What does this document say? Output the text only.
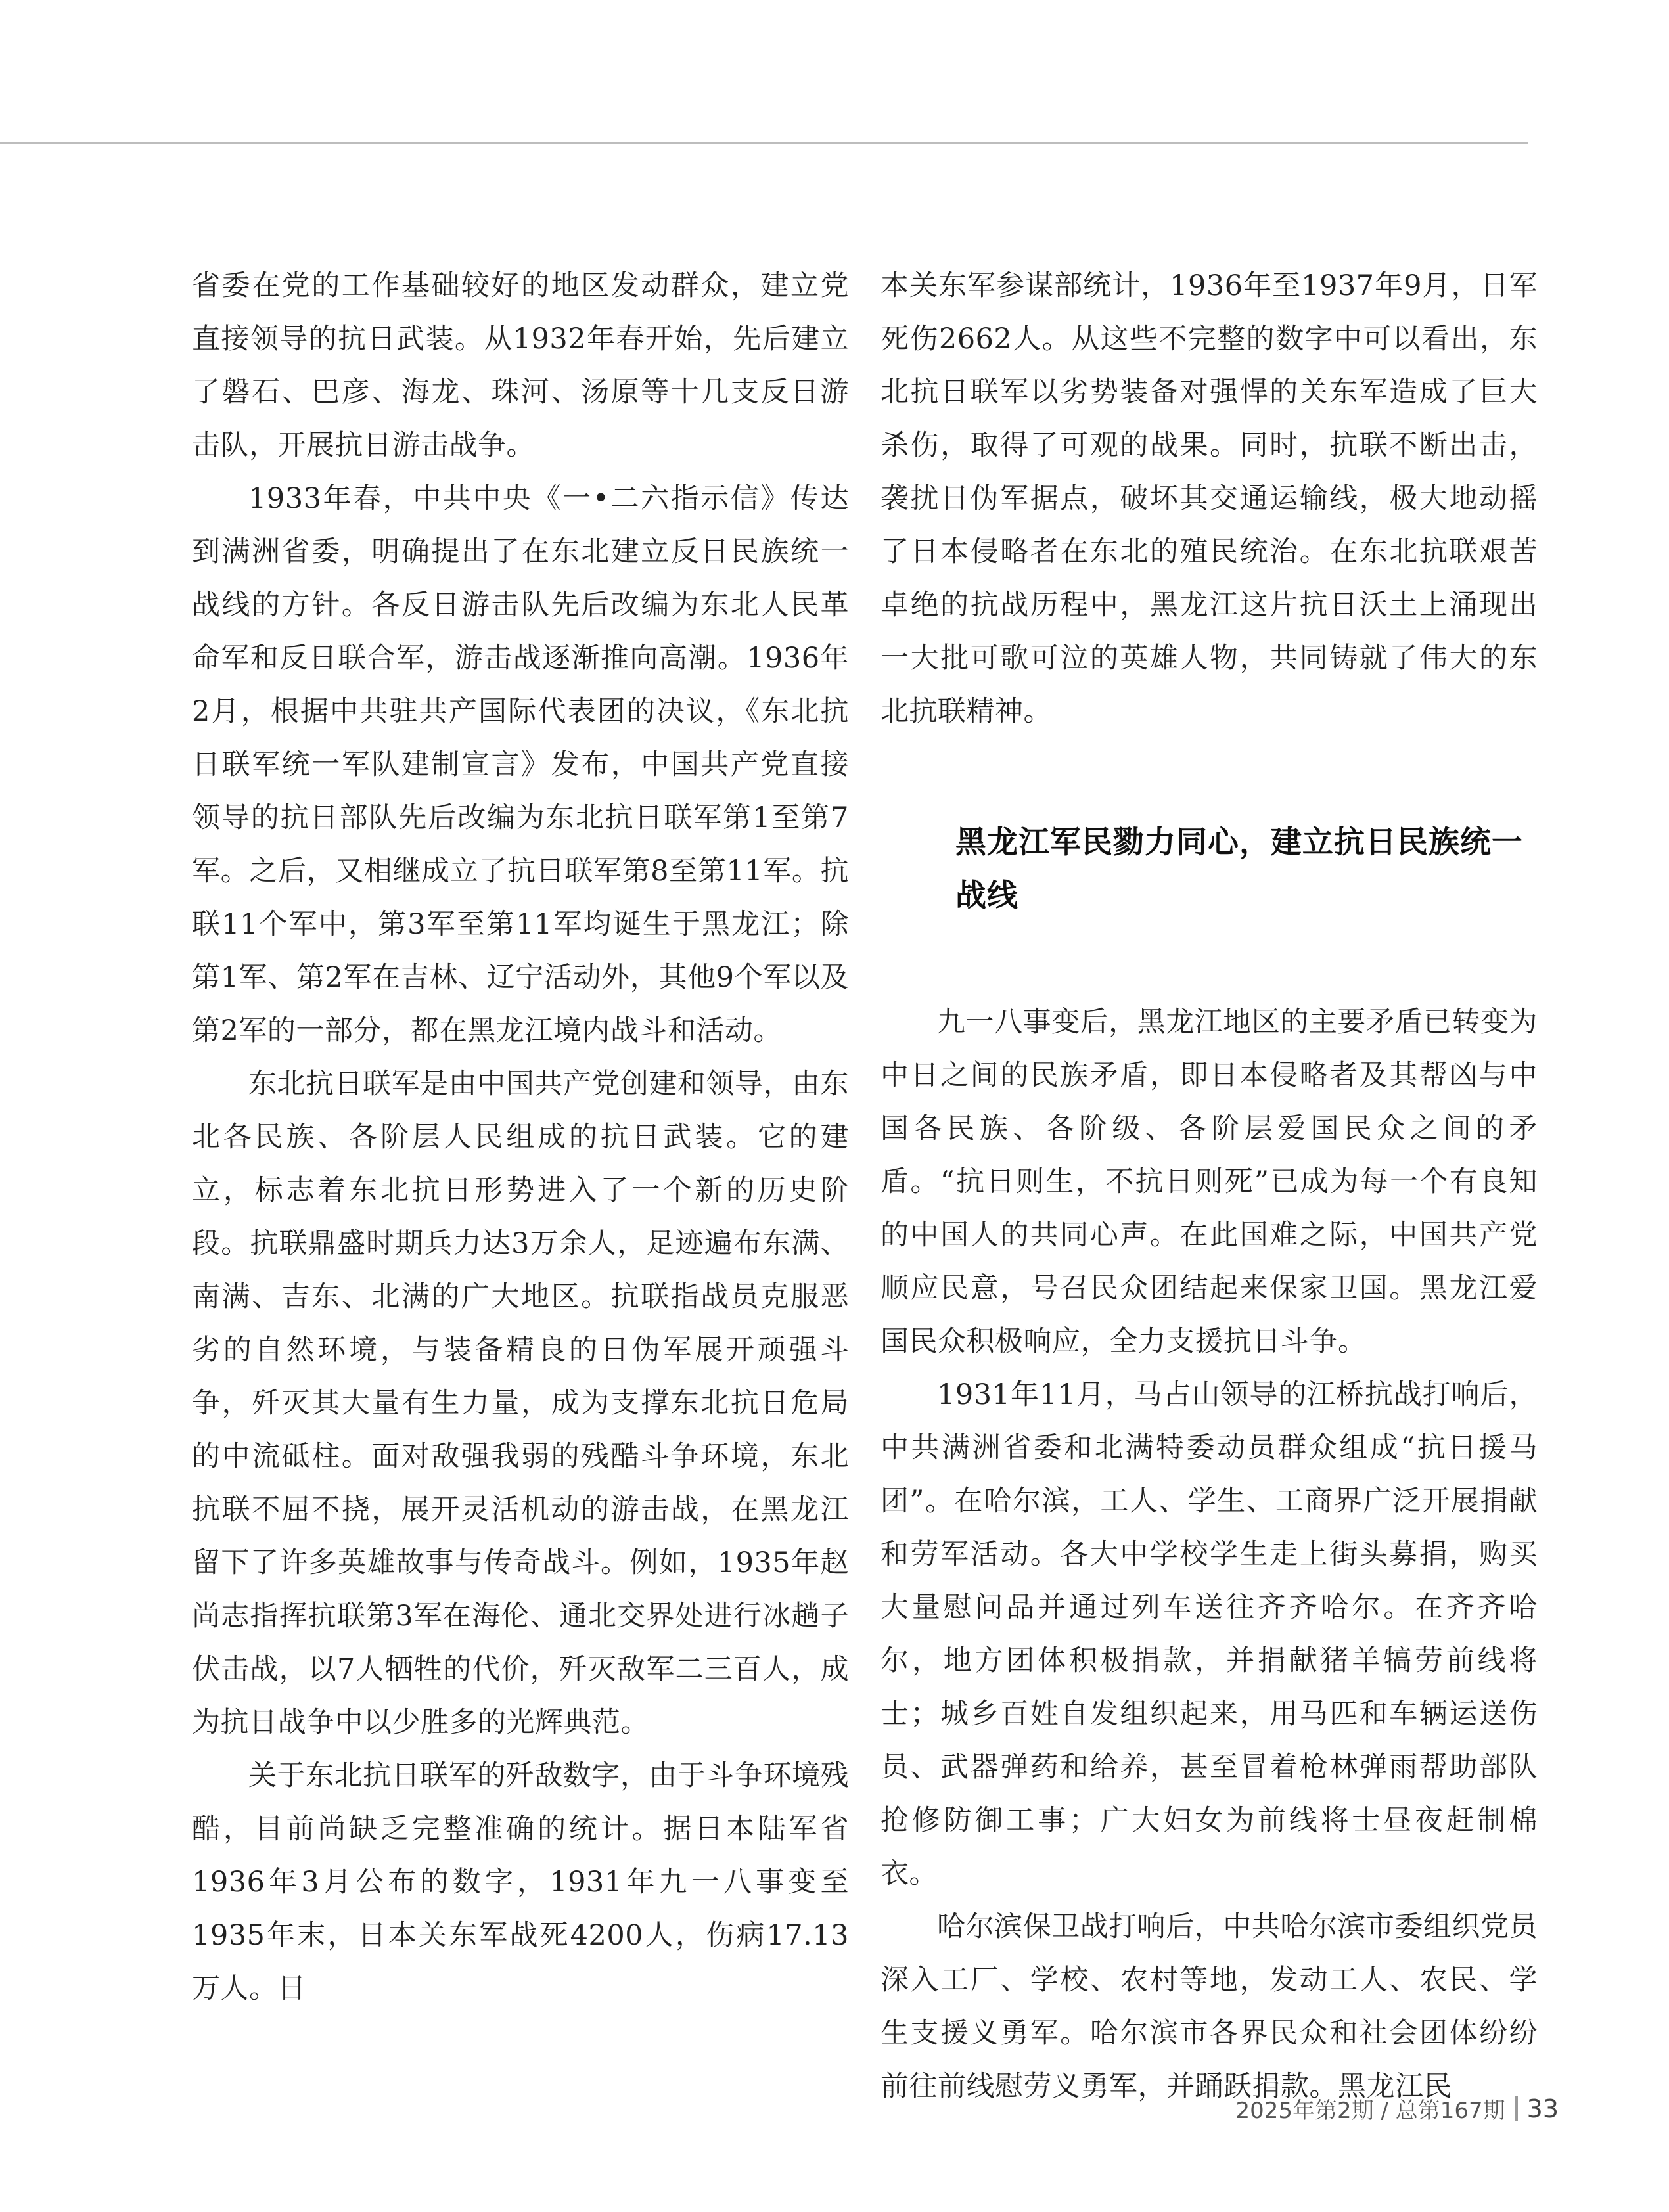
省委在党的工作基础较好的地区发动群众，建立党直接领导的抗日武装。从1932年春开始，先后建立了磐石、巴彦、海龙、珠河、汤原等十几支反日游击队，开展抗日游击战争。

1933年春，中共中央《一•二六指示信》传达到满洲省委，明确提出了在东北建立反日民族统一战线的方针。各反日游击队先后改编为东北人民革命军和反日联合军，游击战逐渐推向高潮。1936年2月，根据中共驻共产国际代表团的决议，《东北抗日联军统一军队建制宣言》发布，中国共产党直接领导的抗日部队先后改编为东北抗日联军第1至第7军。之后，又相继成立了抗日联军第8至第11军。抗联11个军中，第3军至第11军均诞生于黑龙江；除第1军、第2军在吉林、辽宁活动外，其他9个军以及第2军的一部分，都在黑龙江境内战斗和活动。

东北抗日联军是由中国共产党创建和领导，由东北各民族、各阶层人民组成的抗日武装。它的建立，标志着东北抗日形势进入了一个新的历史阶段。抗联鼎盛时期兵力达3万余人，足迹遍布东满、南满、吉东、北满的广大地区。抗联指战员克服恶劣的自然环境，与装备精良的日伪军展开顽强斗争，歼灭其大量有生力量，成为支撑东北抗日危局的中流砥柱。面对敌强我弱的残酷斗争环境，东北抗联不屈不挠，展开灵活机动的游击战，在黑龙江留下了许多英雄故事与传奇战斗。例如，1935年赵尚志指挥抗联第3军在海伦、通北交界处进行冰趟子伏击战，以7人牺牲的代价，歼灭敌军二三百人，成为抗日战争中以少胜多的光辉典范。

关于东北抗日联军的歼敌数字，由于斗争环境残酷，目前尚缺乏完整准确的统计。据日本陆军省1936年3月公布的数字，1931年九一八事变至1935年末，日本关东军战死4200人，伤病17.13万人。日

本关东军参谋部统计，1936年至1937年9月，日军死伤2662人。从这些不完整的数字中可以看出，东北抗日联军以劣势装备对强悍的关东军造成了巨大杀伤，取得了可观的战果。同时，抗联不断出击，袭扰日伪军据点，破坏其交通运输线，极大地动摇了日本侵略者在东北的殖民统治。在东北抗联艰苦卓绝的抗战历程中，黑龙江这片抗日沃土上涌现出一大批可歌可泣的英雄人物，共同铸就了伟大的东北抗联精神。

黑龙江军民勠力同心，建立抗日民族统一战线

九一八事变后，黑龙江地区的主要矛盾已转变为中日之间的民族矛盾，即日本侵略者及其帮凶与中国各民族、各阶级、各阶层爱国民众之间的矛盾。“抗日则生，不抗日则死”已成为每一个有良知的中国人的共同心声。在此国难之际，中国共产党顺应民意，号召民众团结起来保家卫国。黑龙江爱国民众积极响应，全力支援抗日斗争。

1931年11月，马占山领导的江桥抗战打响后，中共满洲省委和北满特委动员群众组成“抗日援马团”。在哈尔滨，工人、学生、工商界广泛开展捐献和劳军活动。各大中学校学生走上街头募捐，购买大量慰问品并通过列车送往齐齐哈尔。在齐齐哈尔，地方团体积极捐款，并捐献猪羊犒劳前线将士；城乡百姓自发组织起来，用马匹和车辆运送伤员、武器弹药和给养，甚至冒着枪林弹雨帮助部队抢修防御工事；广大妇女为前线将士昼夜赶制棉衣。

哈尔滨保卫战打响后，中共哈尔滨市委组织党员深入工厂、学校、农村等地，发动工人、农民、学生支援义勇军。哈尔滨市各界民众和社会团体纷纷前往前线慰劳义勇军，并踊跃捐款。黑龙江民

2025年第2期 / 总第167期 33
